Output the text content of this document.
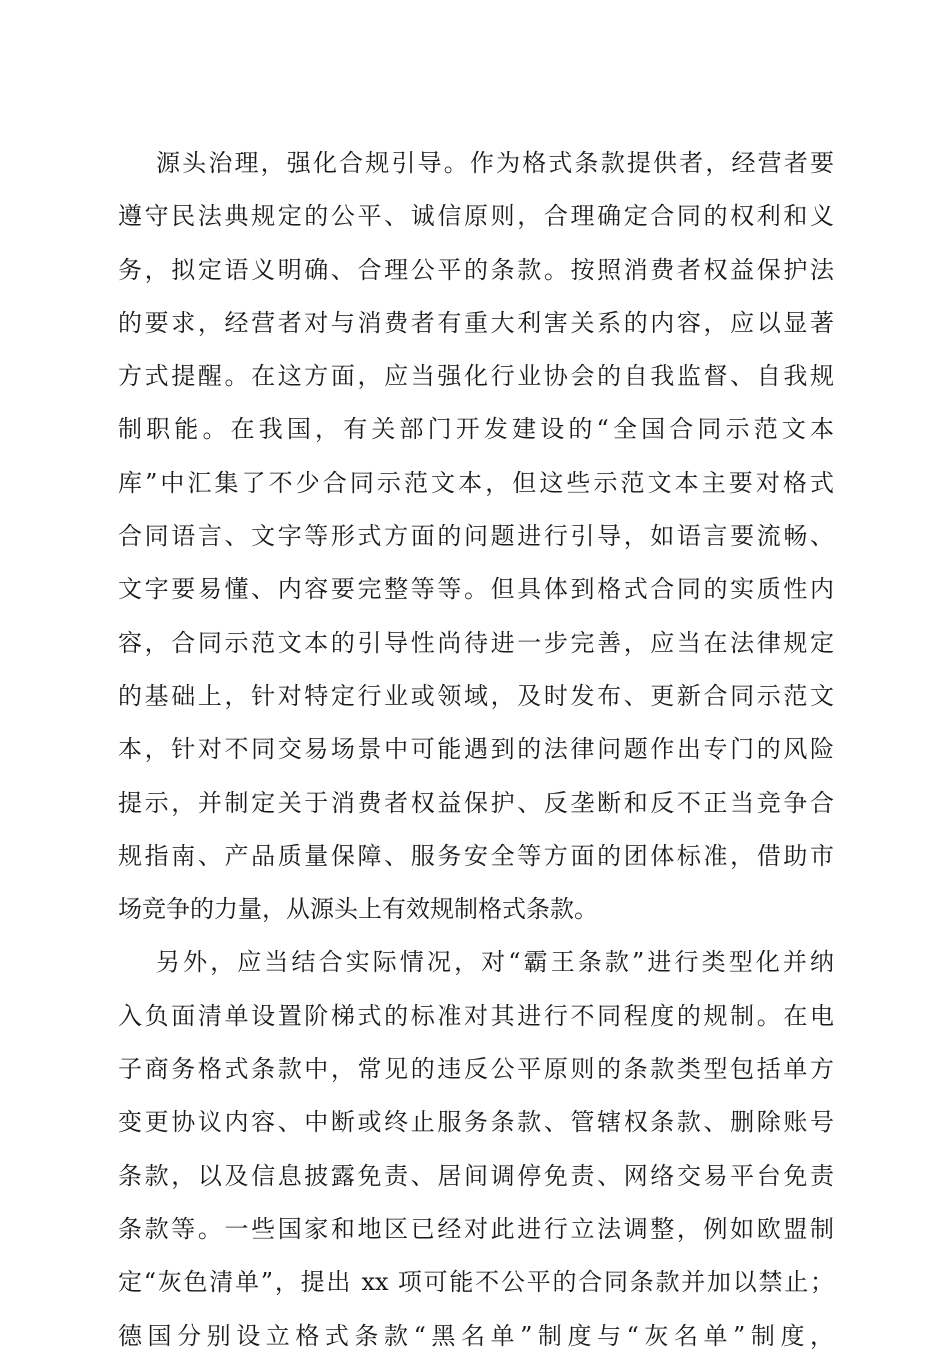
源头治理，强化合规引导。作为格式条款提供者，经营者要
遵守民法典规定的公平、诚信原则，合理确定合同的权利和义
务，拟定语义明确、合理公平的条款。按照消费者权益保护法
的要求，经营者对与消费者有重大利害关系的内容，应以显著
方式提醒。在这方面，应当强化行业协会的自我监督、自我规
制职能。在我国，有关部门开发建设的“全国合同示范文本
库”中汇集了不少合同示范文本，但这些示范文本主要对格式
合同语言、文字等形式方面的问题进行引导，如语言要流畅、
文字要易懂、内容要完整等等。但具体到格式合同的实质性内
容，合同示范文本的引导性尚待进一步完善，应当在法律规定
的基础上，针对特定行业或领域，及时发布、更新合同示范文
本，针对不同交易场景中可能遇到的法律问题作出专门的风险
提示，并制定关于消费者权益保护、反垄断和反不正当竞争合
规指南、产品质量保障、服务安全等方面的团体标准，借助市
场竞争的力量，从源头上有效规制格式条款。
另外，应当结合实际情况，对“霸王条款”进行类型化并纳
入负面清单设置阶梯式的标准对其进行不同程度的规制。在电
子商务格式条款中，常见的违反公平原则的条款类型包括单方
变更协议内容、中断或终止服务条款、管辖权条款、删除账号
条款，以及信息披露免责、居间调停免责、网络交易平台免责
条款等。一些国家和地区已经对此进行立法调整，例如欧盟制
定“灰色清单”，提出 xx 项可能不公平的合同条款并加以禁止；
德国分别设立格式条款“黑名单”制度与“灰名单”制度，
